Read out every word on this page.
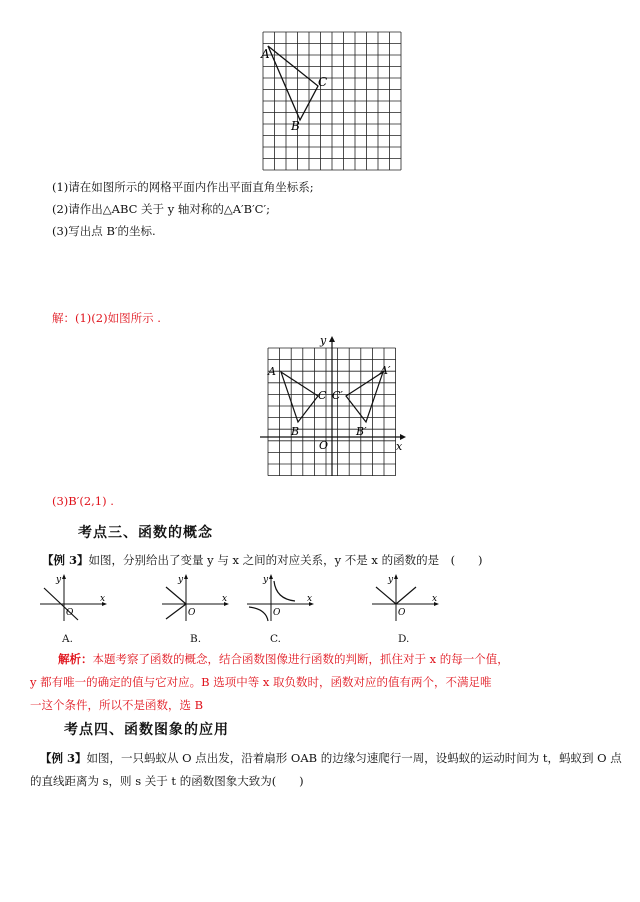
A
C
B
(1)请在如图所示的网格平面内作出平面直角坐标系;
(2)请作出△ABC 关于 y 轴对称的△A′B′C′;
(3)写出点 B′的坐标.
解：(1)(2)如图所示 .
A
C
B
A′
C′
B′
O	x
y
(3)B′(2,1) .
考点三、函数的概念
【例 3】如图，分别给出了变量 y 与 x 之间的对应关系，y 不是 x 的函数的是　(　　)
y
O
x
A.
y
O
x
B.
y
O
x
C.
y
O
x
D.
解析：本题考察了函数的概念，结合函数图像进行函数的判断，抓住对于 x 的每一个值，
y 都有唯一的确定的值与它对应。B 选项中等 x 取负数时，函数对应的值有两个，不满足唯
一这个条件，所以不是函数，选 B
考点四、函数图象的应用
【例 3】如图，一只蚂蚁从 O 点出发，沿着扇形 OAB 的边缘匀速爬行一周，设蚂蚁的运动时间为 t，蚂蚁到 O 点
的直线距离为 s，则 s 关于 t 的函数图象大致为(　　)
